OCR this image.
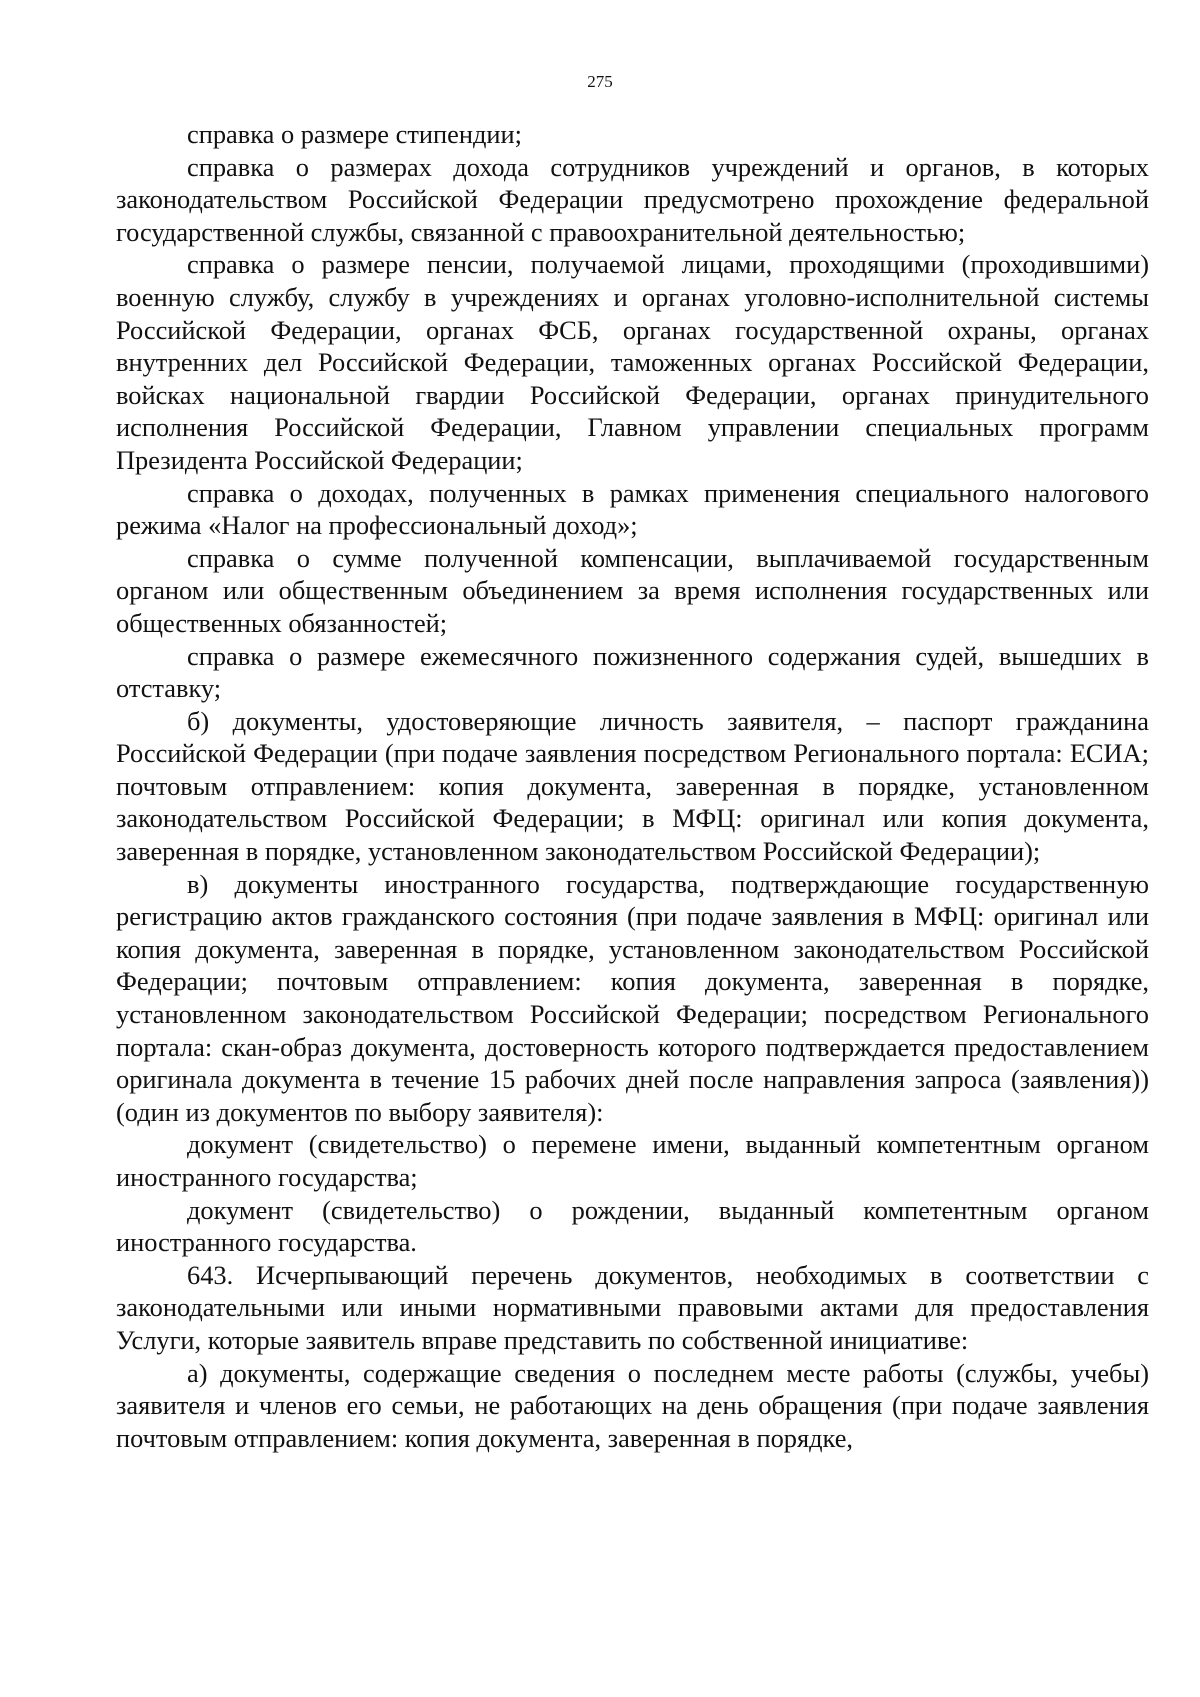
275

справка о размере стипендии;

справка о размерах дохода сотрудников учреждений и органов, в которых законодательством Российской Федерации предусмотрено прохождение федеральной государственной службы, связанной с правоохранительной деятельностью;

справка о размере пенсии, получаемой лицами, проходящими (проходившими) военную службу, службу в учреждениях и органах уголовно-исполнительной системы Российской Федерации, органах ФСБ, органах государственной охраны, органах внутренних дел Российской Федерации, таможенных органах Российской Федерации, войсках национальной гвардии Российской Федерации, органах принудительного исполнения Российской Федерации, Главном управлении специальных программ Президента Российской Федерации;

справка о доходах, полученных в рамках применения специального налогового режима «Налог на профессиональный доход»;

справка о сумме полученной компенсации, выплачиваемой государственным органом или общественным объединением за время исполнения государственных или общественных обязанностей;

справка о размере ежемесячного пожизненного содержания судей, вышедших в отставку;

б) документы, удостоверяющие личность заявителя, – паспорт гражданина Российской Федерации (при подаче заявления посредством Регионального портала: ЕСИА; почтовым отправлением: копия документа, заверенная в порядке, установленном законодательством Российской Федерации; в МФЦ: оригинал или копия документа, заверенная в порядке, установленном законодательством Российской Федерации);

в) документы иностранного государства, подтверждающие государственную регистрацию актов гражданского состояния (при подаче заявления в МФЦ: оригинал или копия документа, заверенная в порядке, установленном законодательством Российской Федерации; почтовым отправлением: копия документа, заверенная в порядке, установленном законодательством Российской Федерации; посредством Регионального портала: скан-образ документа, достоверность которого подтверждается предоставлением оригинала документа в течение 15 рабочих дней после направления запроса (заявления)) (один из документов по выбору заявителя):

документ (свидетельство) о перемене имени, выданный компетентным органом иностранного государства;

документ (свидетельство) о рождении, выданный компетентным органом иностранного государства.

643. Исчерпывающий перечень документов, необходимых в соответствии с законодательными или иными нормативными правовыми актами для предоставления Услуги, которые заявитель вправе представить по собственной инициативе:

а) документы, содержащие сведения о последнем месте работы (службы, учебы) заявителя и членов его семьи, не работающих на день обращения (при подаче заявления почтовым отправлением: копия документа, заверенная в порядке,
